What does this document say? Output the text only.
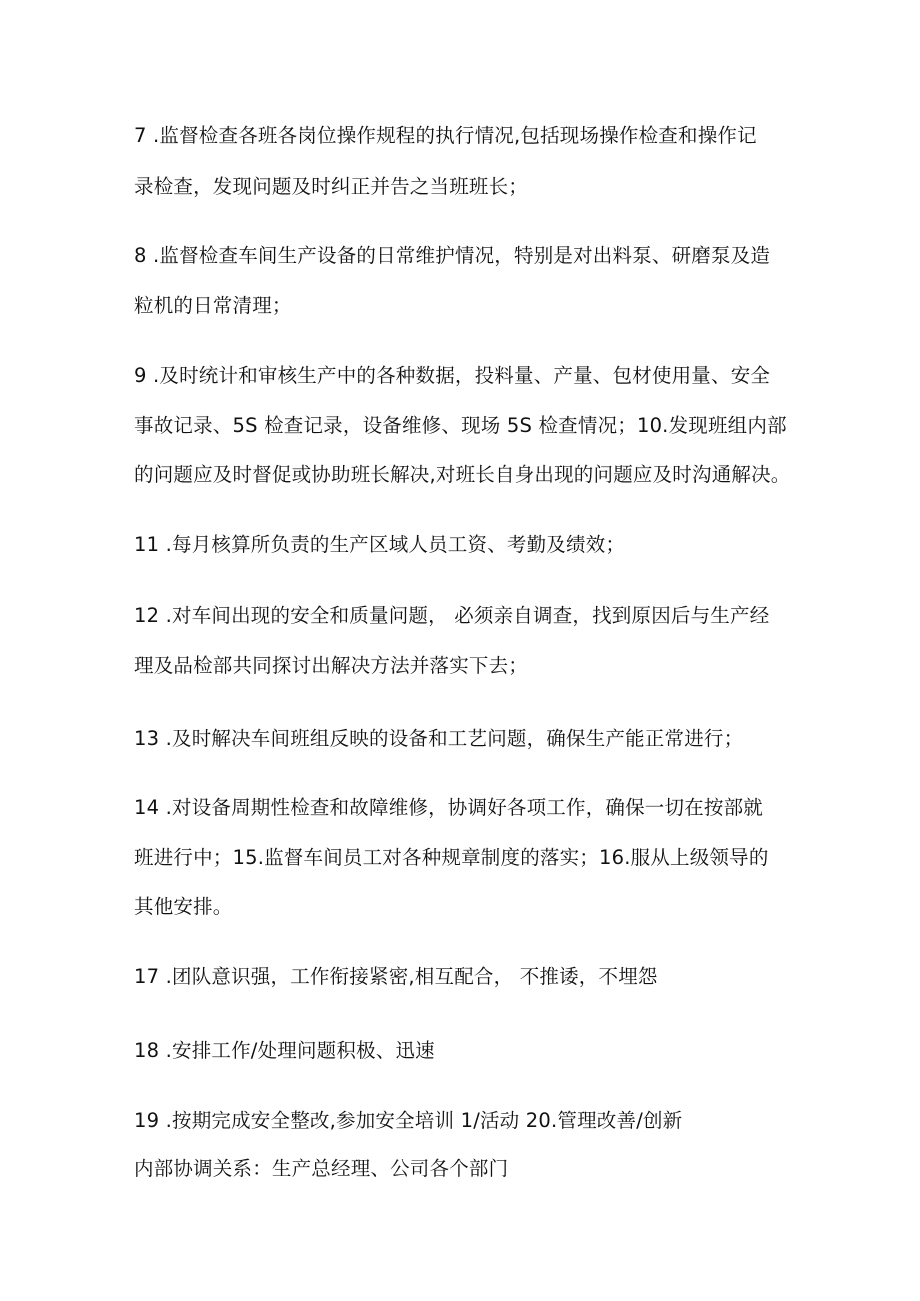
7 .监督检查各班各岗位操作规程的执行情况,包括现场操作检查和操作记
录检查，发现问题及时纠正并告之当班班长；
8 .监督检查车间生产设备的日常维护情况，特别是对出料泵、研磨泵及造
粒机的日常清理；
9 .及时统计和审核生产中的各种数据，投料量、产量、包材使用量、安全
事故记录、5S 检查记录，设备维修、现场 5S 检查情况；10.发现班组内部
的问题应及时督促或协助班长解决,对班长自身出现的问题应及时沟通解决。
11 .每月核算所负责的生产区域人员工资、考勤及绩效；
12 .对车间出现的安全和质量问题， 必须亲自调查，找到原因后与生产经
理及品检部共同探讨出解决方法并落实下去；
13 .及时解决车间班组反映的设备和工艺问题，确保生产能正常进行；
14 .对设备周期性检查和故障维修，协调好各项工作，确保一切在按部就
班进行中；15.监督车间员工对各种规章制度的落实；16.服从上级领导的
其他安排。
17 .团队意识强，工作衔接紧密,相互配合， 不推诿，不埋怨
18 .安排工作/处理问题积极、迅速
19 .按期完成安全整改,参加安全培训 1/活动 20.管理改善/创新
内部协调关系：生产总经理、公司各个部门
